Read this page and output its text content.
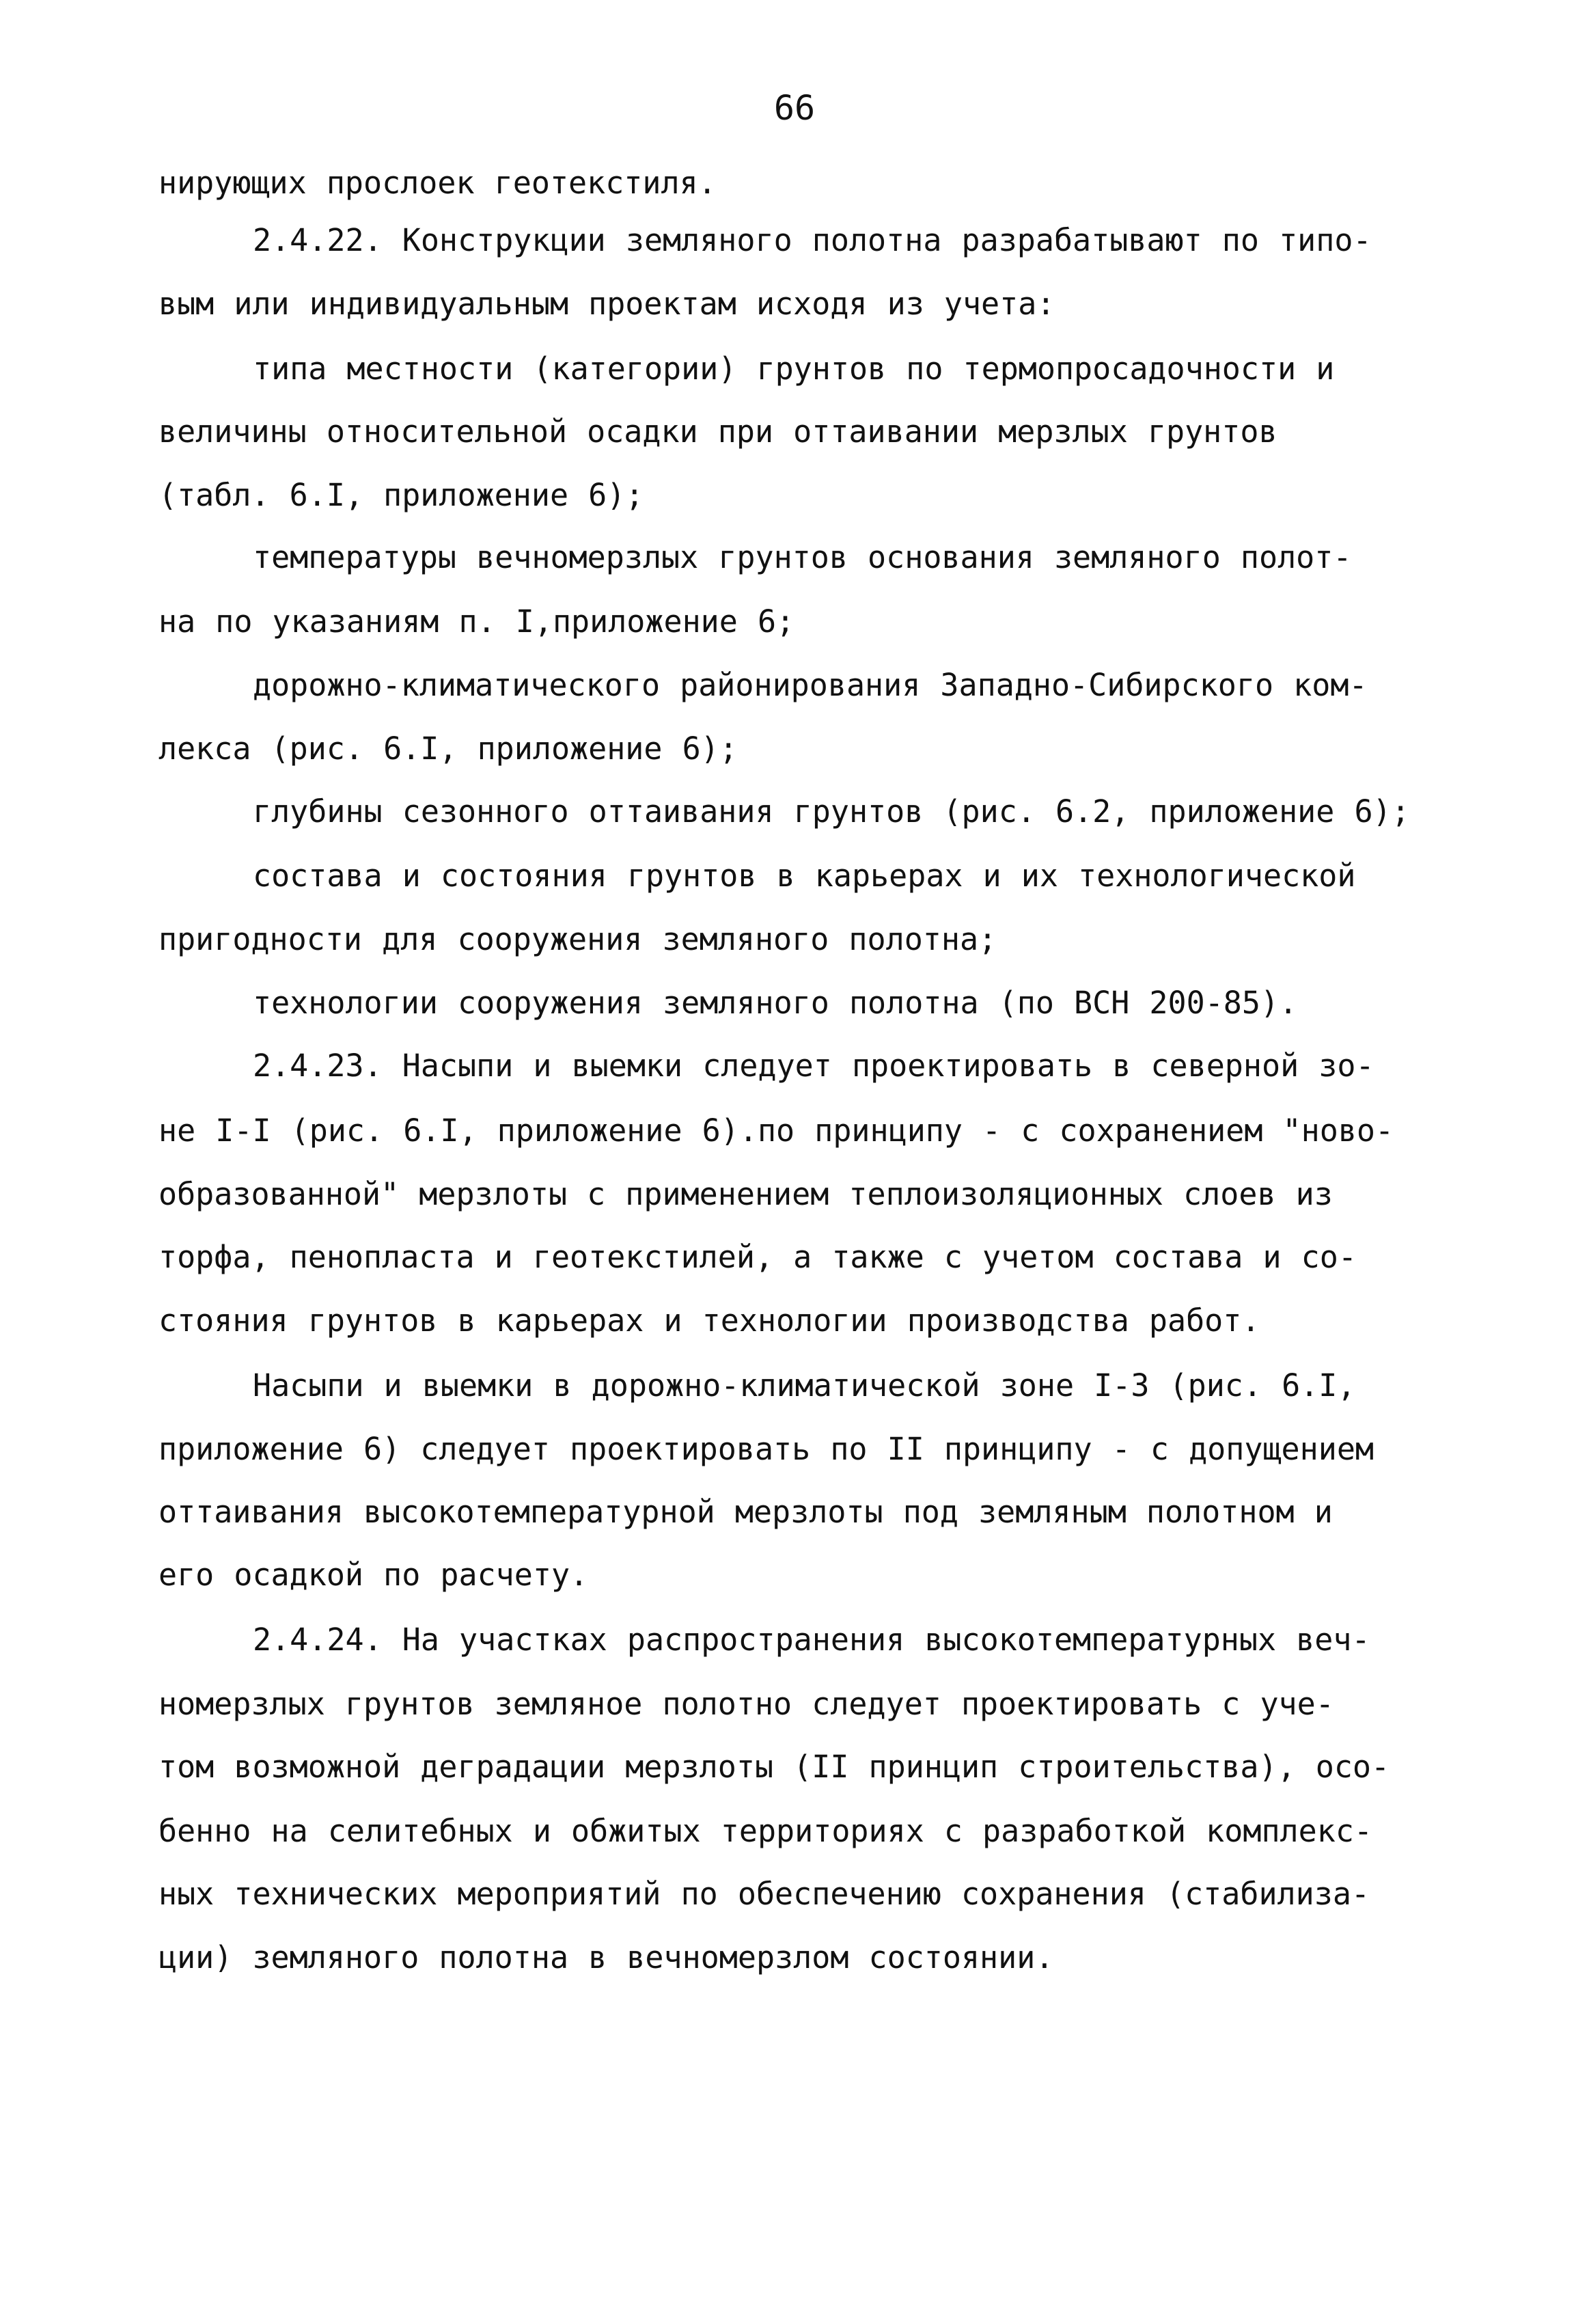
66

нирующих прослоек геотекстиля.

2.4.22. Конструкции земляного полотна разрабатывают по типо-

вым или индивидуальным проектам исходя из учета:

типа местности (категории) грунтов по термопросадочности и

величины относительной осадки при оттаивании мерзлых грунтов

(табл. 6.I, приложение 6);

температуры вечномерзлых грунтов основания земляного полот-

на по указаниям п. I,приложение 6;

дорожно-климатического районирования Западно-Сибирского ком-

лекса (рис. 6.I, приложение 6);

глубины сезонного оттаивания грунтов (рис. 6.2, приложение 6);

состава и состояния грунтов в карьерах и их технологической

пригодности для сооружения земляного полотна;

технологии сооружения земляного полотна (по ВСН 200-85).

2.4.23. Насыпи и выемки следует проектировать в северной зо-

не I-I (рис. 6.I, приложение 6).по принципу - с сохранением "ново-

образованной" мерзлоты с применением теплоизоляционных слоев из

торфа, пенопласта и геотекстилей, а также с учетом состава и со-

стояния грунтов в карьерах и технологии производства работ.

Насыпи и выемки в дорожно-климатической зоне I-3 (рис. 6.I,

приложение 6) следует проектировать по II принципу - с допущением

оттаивания высокотемпературной мерзлоты под земляным полотном и

его осадкой по расчету.

2.4.24. На участках распространения высокотемпературных веч-

номерзлых грунтов земляное полотно следует проектировать с уче-

том возможной деградации мерзлоты (II принцип строительства), осо-

бенно на селитебных и обжитых территориях с разработкой комплекс-

ных технических мероприятий по обеспечению сохранения (стабилиза-

ции) земляного полотна в вечномерзлом состоянии.
